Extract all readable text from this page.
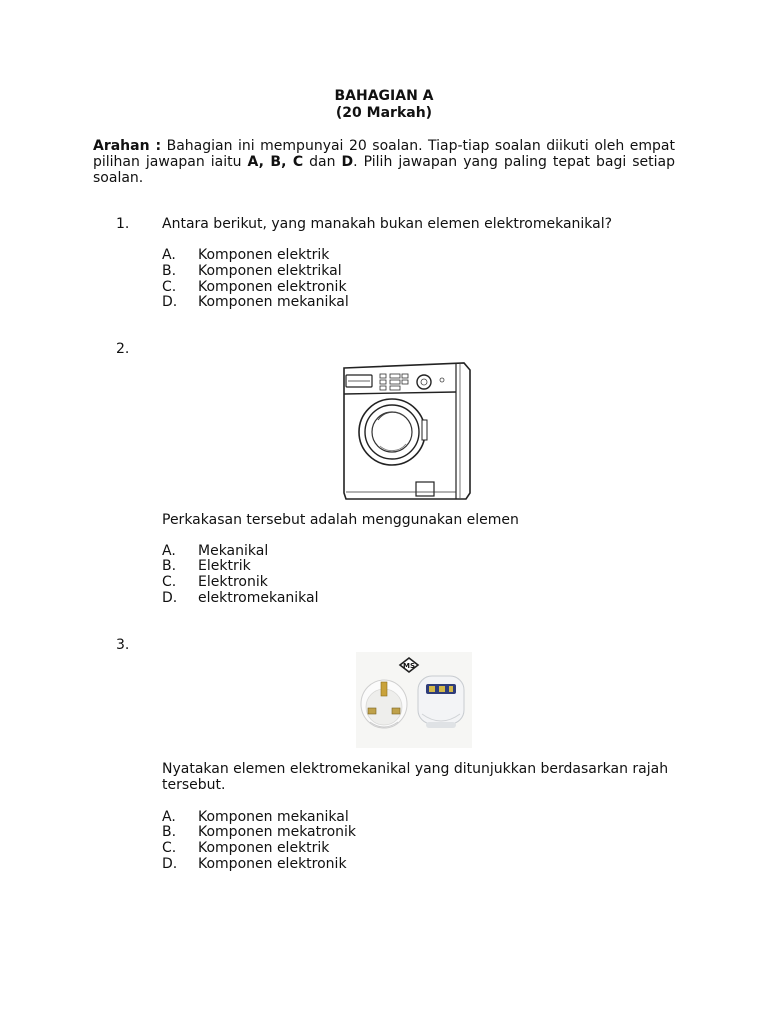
BAHAGIAN A
(20 Markah)
Arahan : Bahagian ini mempunyai 20 soalan. Tiap-tiap soalan diikuti oleh empat pilihan jawapan iaitu A, B, C dan D. Pilih jawapan yang paling tepat bagi setiap soalan.
1. Antara berikut, yang manakah bukan elemen elektromekanikal?
A. Komponen elektrik
B. Komponen elektrikal
C. Komponen elektronik
D. Komponen mekanikal
2.
Perkakasan tersebut adalah menggunakan elemen
A. Mekanikal
B. Elektrik
C. Elektronik
D. elektromekanikal
3.
MS
Nyatakan elemen elektromekanikal yang ditunjukkan berdasarkan rajah tersebut.
A. Komponen mekanikal
B. Komponen mekatronik
C. Komponen elektrik
D. Komponen elektronik
